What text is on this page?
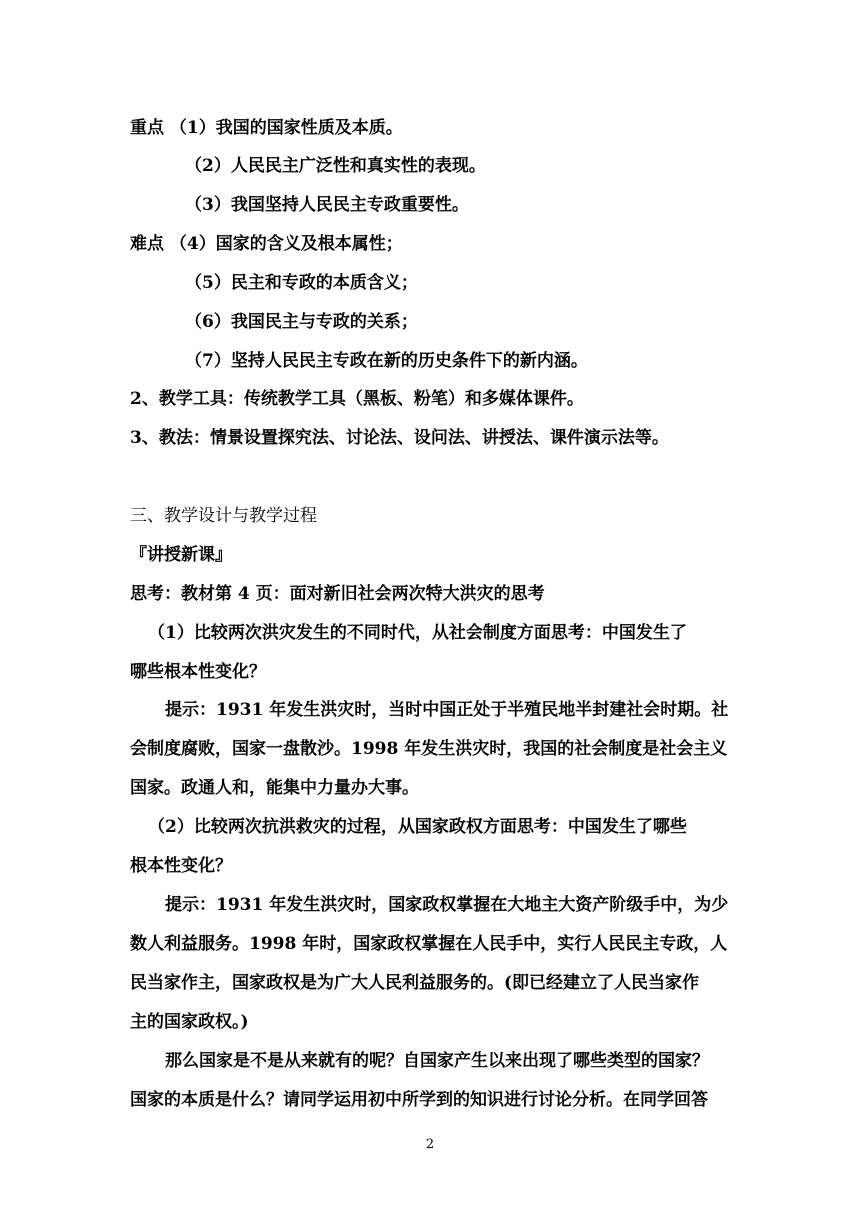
重点 （1）我国的国家性质及本质。
（2）人民民主广泛性和真实性的表现。
（3）我国坚持人民民主专政重要性。
难点 （4）国家的含义及根本属性；
（5）民主和专政的本质含义；
（6）我国民主与专政的关系；
（7）坚持人民民主专政在新的历史条件下的新内涵。
2、教学工具：传统教学工具（黑板、粉笔）和多媒体课件。
3、教法：情景设置探究法、讨论法、设问法、讲授法、课件演示法等。
三、教学设计与教学过程
『讲授新课』
思考：教材第 4 页：面对新旧社会两次特大洪灾的思考
（1）比较两次洪灾发生的不同时代，从社会制度方面思考：中国发生了
哪些根本性变化？
提示：1931 年发生洪灾时，当时中国正处于半殖民地半封建社会时期。社
会制度腐败，国家一盘散沙。1998 年发生洪灾时，我国的社会制度是社会主义
国家。政通人和，能集中力量办大事。
（2）比较两次抗洪救灾的过程，从国家政权方面思考：中国发生了哪些
根本性变化？
提示：1931 年发生洪灾时，国家政权掌握在大地主大资产阶级手中，为少
数人利益服务。1998 年时，国家政权掌握在人民手中，实行人民民主专政，人
民当家作主，国家政权是为广大人民利益服务的。(即已经建立了人民当家作
主的国家政权。)
那么国家是不是从来就有的呢？自国家产生以来出现了哪些类型的国家？
国家的本质是什么？请同学运用初中所学到的知识进行讨论分析。在同学回答
2
